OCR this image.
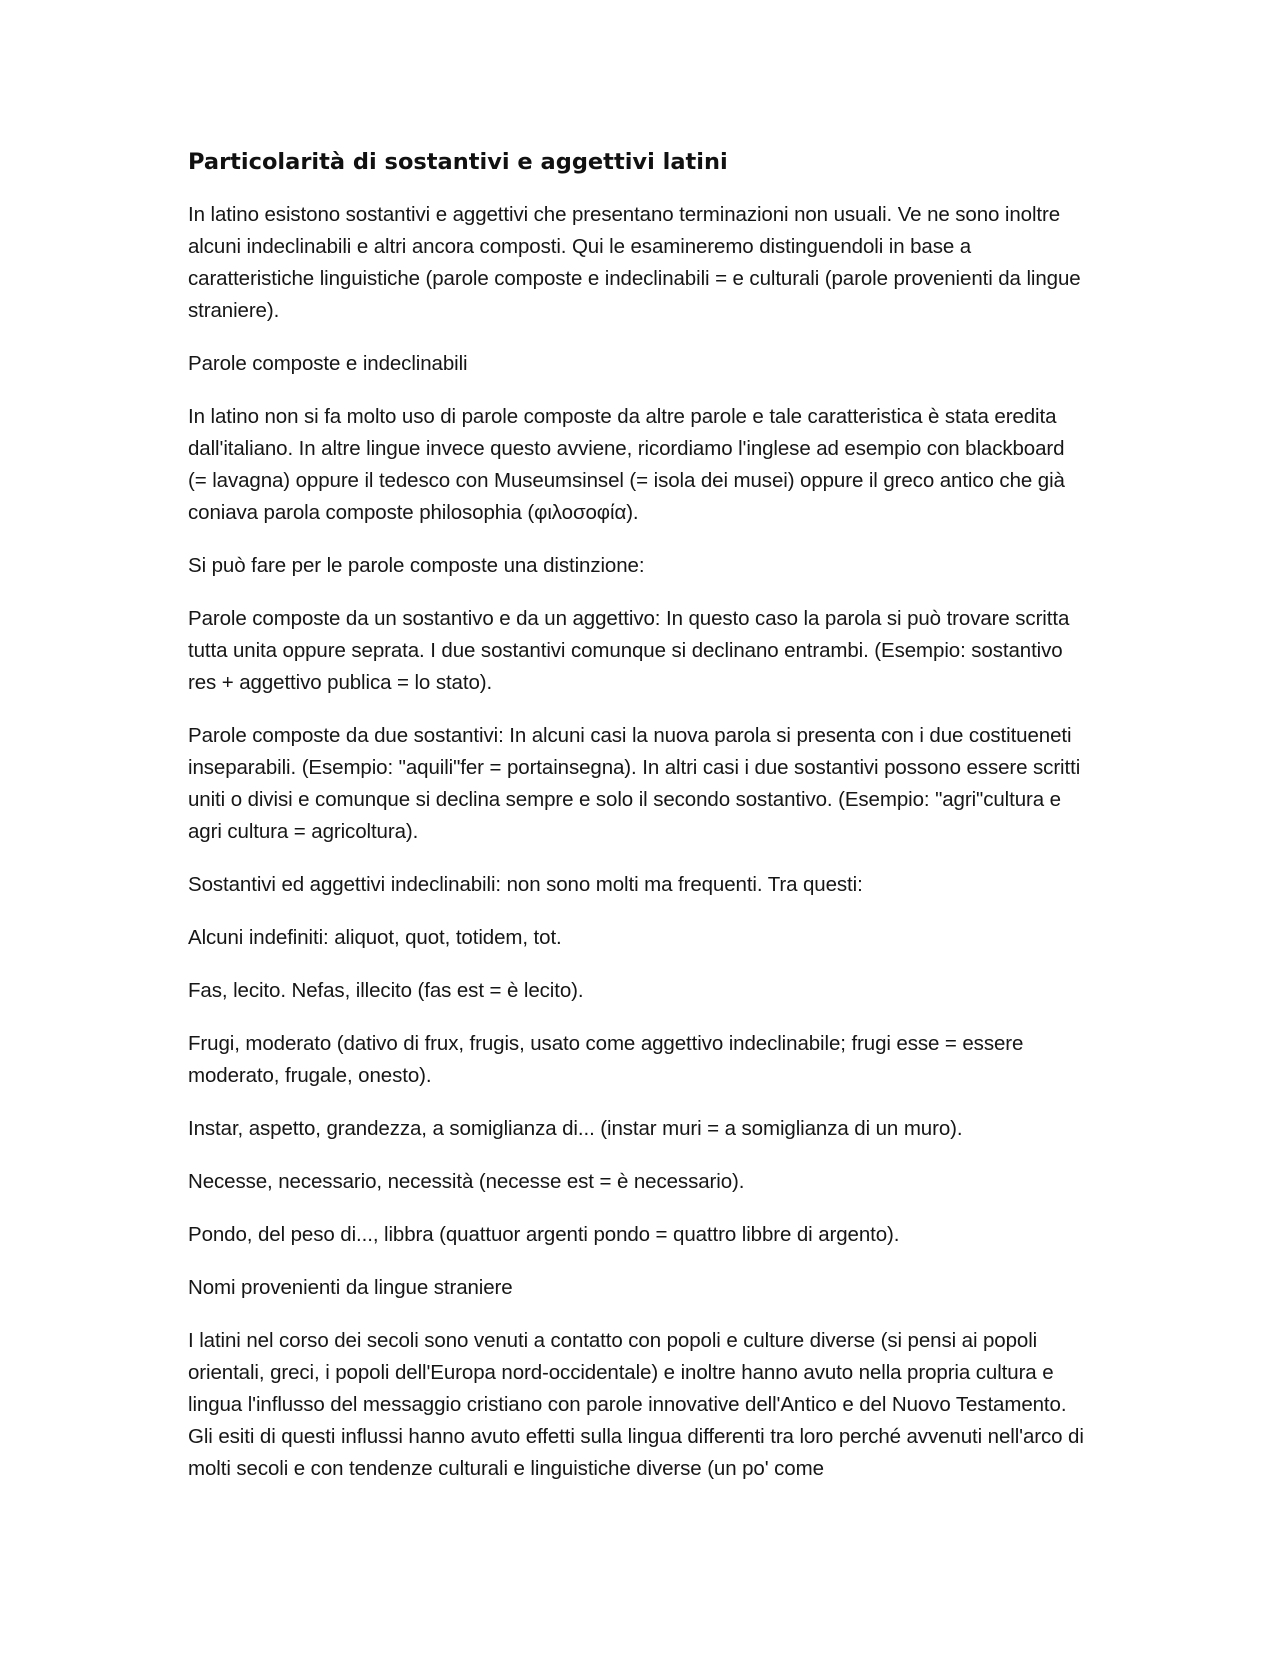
Particolarità di sostantivi e aggettivi latini

In latino esistono sostantivi e aggettivi che presentano terminazioni non usuali. Ve ne sono inoltre alcuni indeclinabili e altri ancora composti. Qui le esamineremo distinguendoli in base a caratteristiche linguistiche (parole composte e indeclinabili = e culturali (parole provenienti da lingue straniere).

Parole composte e indeclinabili

In latino non si fa molto uso di parole composte da altre parole e tale caratteristica è stata eredita dall'italiano. In altre lingue invece questo avviene, ricordiamo l'inglese ad esempio con blackboard (= lavagna) oppure il tedesco con Museumsinsel (= isola dei musei) oppure il greco antico che già coniava parola composte philosophia (φιλοσοφία).

Si può fare per le parole composte una distinzione:

Parole composte da un sostantivo e da un aggettivo: In questo caso la parola si può trovare scritta tutta unita oppure seprata. I due sostantivi comunque si declinano entrambi. (Esempio: sostantivo res + aggettivo publica = lo stato).

Parole composte da due sostantivi: In alcuni casi la nuova parola si presenta con i due costitueneti inseparabili. (Esempio: "aquili"fer = portainsegna). In altri casi i due sostantivi possono essere scritti uniti o divisi e comunque si declina sempre e solo il secondo sostantivo. (Esempio: "agri"cultura e agri cultura = agricoltura).

Sostantivi ed aggettivi indeclinabili: non sono molti ma frequenti. Tra questi:

Alcuni indefiniti: aliquot, quot, totidem, tot.

Fas, lecito. Nefas, illecito (fas est = è lecito).

Frugi, moderato (dativo di frux, frugis, usato come aggettivo indeclinabile; frugi esse = essere moderato, frugale, onesto).

Instar, aspetto, grandezza, a somiglianza di... (instar muri = a somiglianza di un muro).

Necesse, necessario, necessità (necesse est = è necessario).

Pondo, del peso di..., libbra (quattuor argenti pondo = quattro libbre di argento).

Nomi provenienti da lingue straniere

I latini nel corso dei secoli sono venuti a contatto con popoli e culture diverse (si pensi ai popoli orientali, greci, i popoli dell'Europa nord-occidentale) e inoltre hanno avuto nella propria cultura e lingua l'influsso del messaggio cristiano con parole innovative dell'Antico e del Nuovo Testamento. Gli esiti di questi influssi hanno avuto effetti sulla lingua differenti tra loro perché avvenuti nell'arco di molti secoli e con tendenze culturali e linguistiche diverse (un po' come
